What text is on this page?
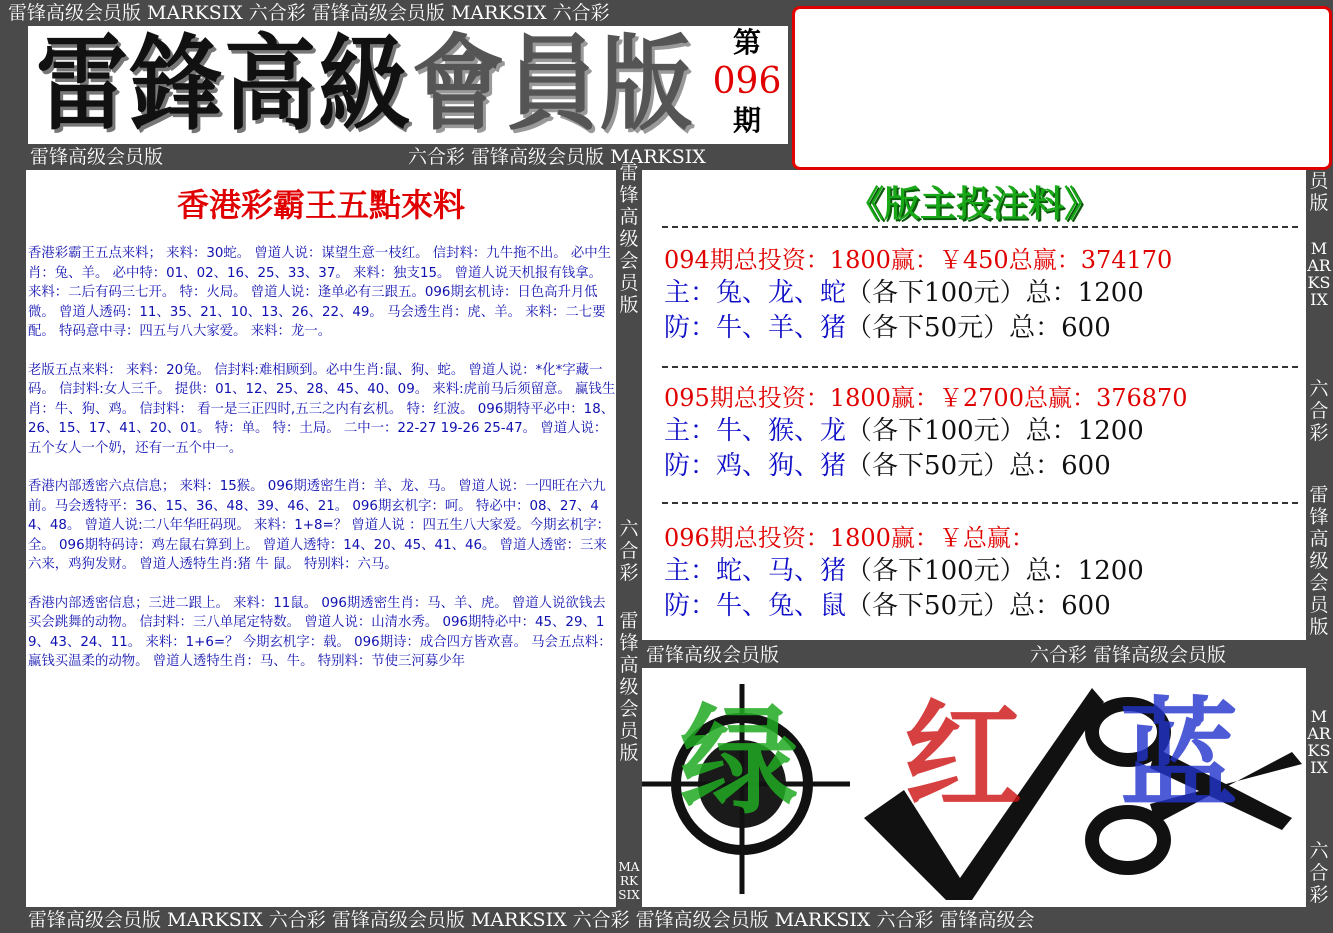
雷锋高级会员版 MARKSIX 六合彩 雷锋高级会员版 MARKSIX 六合彩
雷 鋒 高 級 會 員 版	第
096
期
雷锋高级会员版	六合彩 雷锋高级会员版 MARKSIX
香港彩霸王五點來料

香港彩霸王五点来料； 来料：30蛇。 曾道人说：谋望生意一枝红。 信封料：九牛拖不出。 必中生肖：兔、羊。 必中特：01、02、16、25、33、37。 来料：独支15。 曾道人说天机报有钱拿。 来料：二后有码三七开。 特：火局。 曾道人说：逢单必有三跟五。096期玄机诗：日色高升月低微。 曾道人透码：11、35、21、10、13、26、22、49。 马会透生肖：虎、羊。 来料：二七要配。 特码意中寻：四五与八大家爱。 来料：龙一。

老版五点来料： 来料：20兔。 信封料:难相顾到。必中生肖:鼠、狗、蛇。 曾道人说：*化*字藏一码。 信封料:女人三千。 提供：01、12、25、28、45、40、09。 来料:虎前马后须留意。 赢钱生肖：牛、狗、鸡。 信封料： 看一是三正四时,五三之内有玄机。 特：红波。 096期特平必中：18、26、15、17、41、20、01。 特：单。 特：土局。 二中一：22-27 19-26 25-47。 曾道人说：五个女人一个奶，还有一五个中一。

香港内部透密六点信息； 来料：15猴。 096期透密生肖：羊、龙、马。 曾道人说：一四旺在六九前。马会透特平：36、15、36、48、39、46、21。 096期玄机字：呵。 特必中：08、27、44、48。 曾道人说:二八年华旺码现。 来料：1+8=？ 曾道人说 ：四五生八大家爱。今期玄机字：全。 096期特码诗：鸡左鼠右算到上。 曾道人透特：14、20、45、41、46。 曾道人透密：三来六来，鸡狗发财。 曾道人透特生肖:猪 牛 鼠。 特别料：六马。

香港内部透密信息；三进二跟上。 来料：11鼠。 096期透密生肖：马、羊、虎。 曾道人说欲钱去买会跳舞的动物。 信封料：三八单尾定特数。 曾道人说：山清水秀。 096期特必中：45、29、19、43、24、11。 来料：1+6=？ 今期玄机字：载。 096期诗：成合四方皆欢喜。 马会五点料：赢钱买温柔的动物。 曾道人透特生肖：马、牛。 特别料：节使三河募少年

雷锋高级会员版
六合彩
雷锋高级会员版
MARKSIX
《版主投注料》
094期总投资：1800赢：￥450总赢：374170
主：兔、龙、蛇（各下100元）总：1200
防：牛、羊、猪（各下50元）总：600
095期总投资：1800赢：￥2700总赢：376870
主：牛、猴、龙（各下100元）总：1200
防：鸡、狗、猪（各下50元）总：600
096期总投资：1800赢：￥总赢：
主：蛇、马、猪（各下100元）总：1200
防：牛、兔、鼠（各下50元）总：600
雷锋高级会员版	六合彩 雷锋高级会员版
绿 红 蓝
员版
MARKSIX
六合彩
雷锋高级会员版
MARKSIX
六合彩
雷锋高级会员版 MARKSIX 六合彩 雷锋高级会员版 MARKSIX 六合彩 雷锋高级会员版 MARKSIX 六合彩 雷锋高级会
